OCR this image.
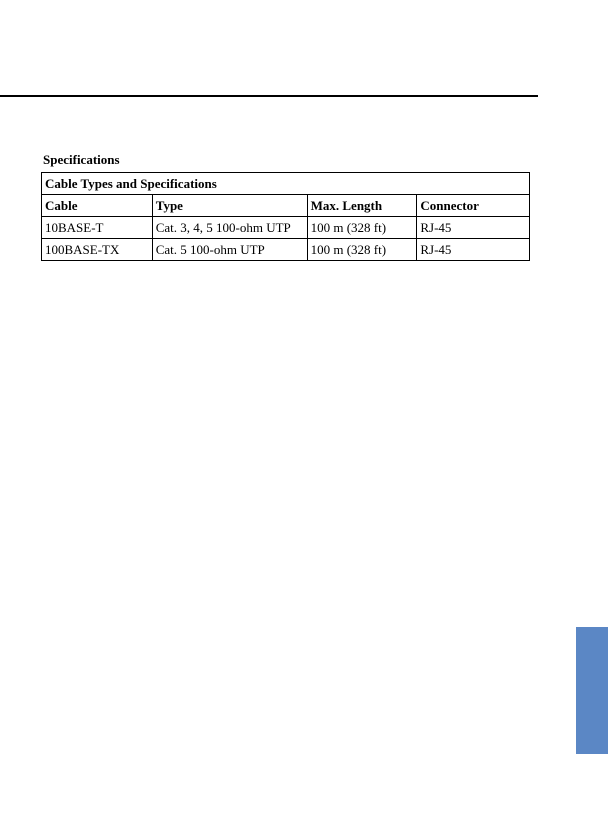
Specifications
Cable Types and Specifications			
Cable	Type	Max. Length	Connector
10BASE-T	Cat. 3, 4, 5 100-ohm UTP	100 m (328 ft)	RJ-45
100BASE-TX	Cat. 5 100-ohm UTP	100 m (328 ft)	RJ-45
